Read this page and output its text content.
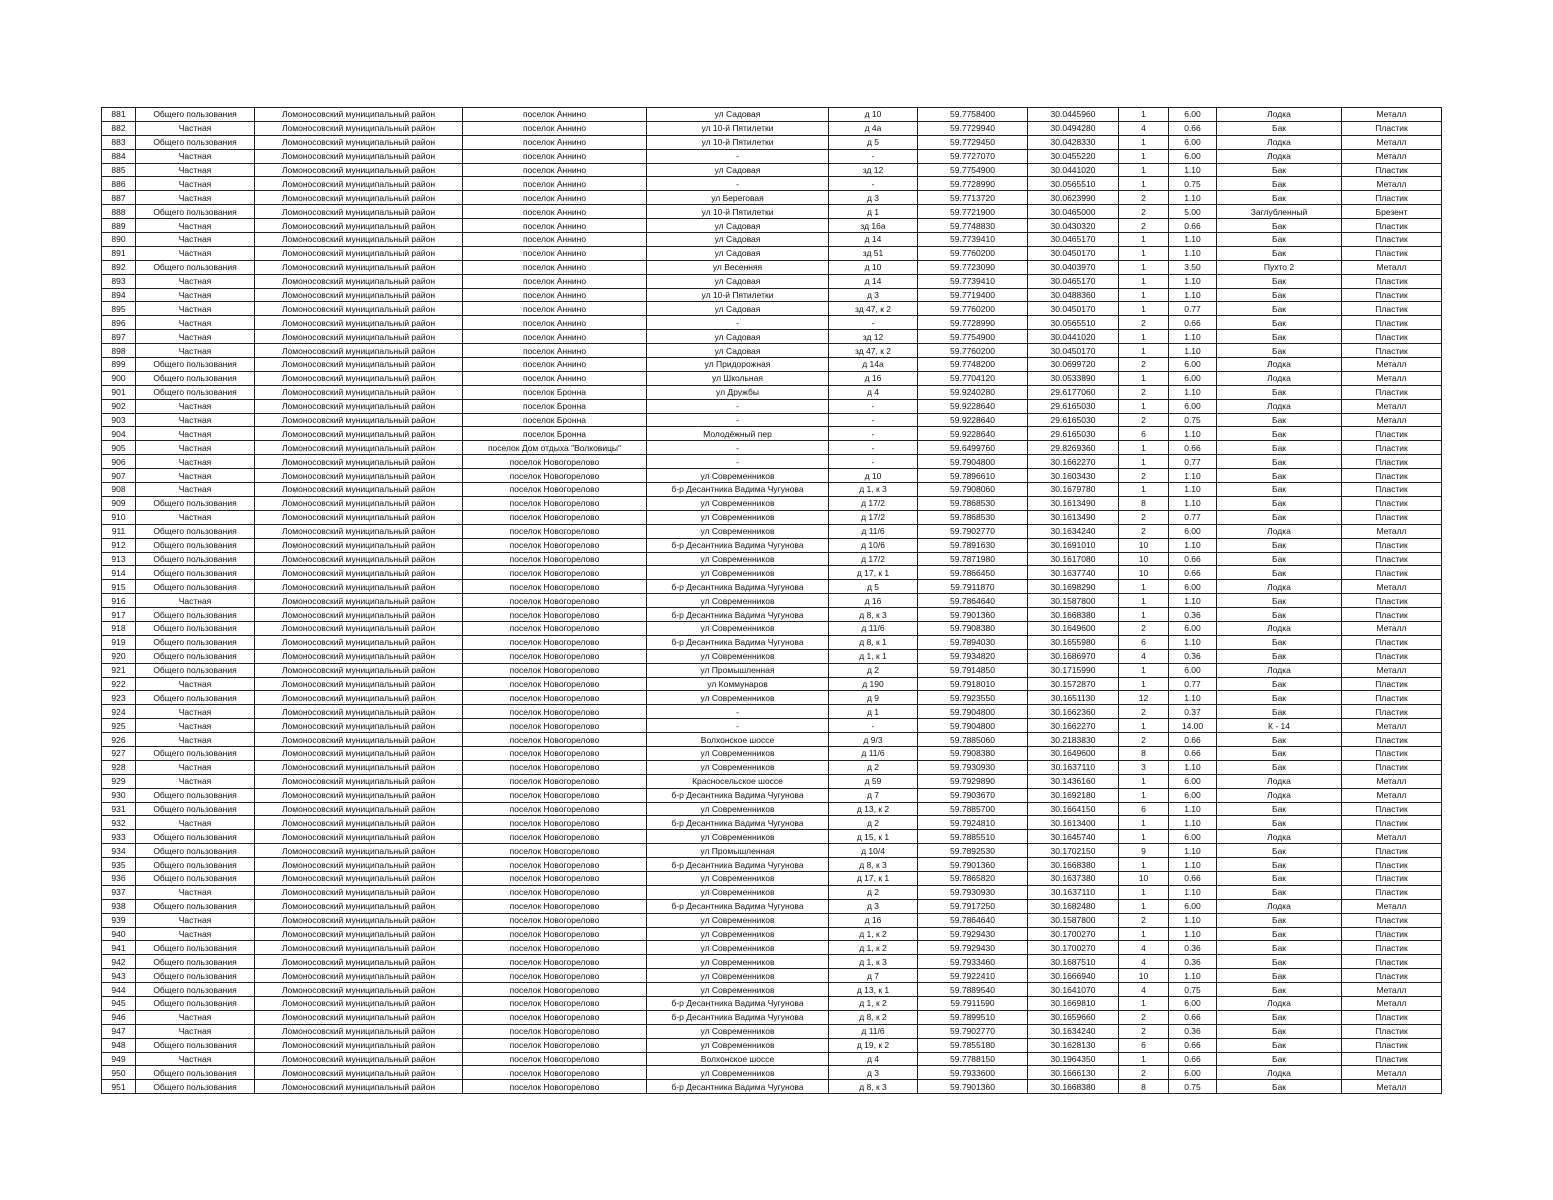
881	Общего пользования	Ломоносовский муниципальный район	поселок Аннино	ул Садовая	д 10	59.7758400	30.0445960	1	6.00	Лодка	Металл
882	Частная	Ломоносовский муниципальный район	поселок Аннино	ул 10-й Пятилетки	д 4а	59.7729940	30.0494280	4	0.66	Бак	Пластик
883	Общего пользования	Ломоносовский муниципальный район	поселок Аннино	ул 10-й Пятилетки	д 5	59.7729450	30.0428330	1	6.00	Лодка	Металл
884	Частная	Ломоносовский муниципальный район	поселок Аннино	-	-	59.7727070	30.0455220	1	6.00	Лодка	Металл
885	Частная	Ломоносовский муниципальный район	поселок Аннино	ул Садовая	зд 12	59.7754900	30.0441020	1	1.10	Бак	Пластик
886	Частная	Ломоносовский муниципальный район	поселок Аннино	-	-	59.7728990	30.0565510	1	0.75	Бак	Металл
887	Частная	Ломоносовский муниципальный район	поселок Аннино	ул Береговая	д 3	59.7713720	30.0623990	2	1.10	Бак	Пластик
888	Общего пользования	Ломоносовский муниципальный район	поселок Аннино	ул 10-й Пятилетки	д 1	59.7721900	30.0465000	2	5.00	Заглубленный	Брезент
889	Частная	Ломоносовский муниципальный район	поселок Аннино	ул Садовая	зд 16а	59.7748830	30.0430320	2	0.66	Бак	Пластик
890	Частная	Ломоносовский муниципальный район	поселок Аннино	ул Садовая	д 14	59.7739410	30.0465170	1	1.10	Бак	Пластик
891	Частная	Ломоносовский муниципальный район	поселок Аннино	ул Садовая	зд 51	59.7760200	30.0450170	1	1.10	Бак	Пластик
892	Общего пользования	Ломоносовский муниципальный район	поселок Аннино	ул Весенняя	д 10	59.7723090	30.0403970	1	3.50	Пухто 2	Металл
893	Частная	Ломоносовский муниципальный район	поселок Аннино	ул Садовая	д 14	59.7739410	30.0465170	1	1.10	Бак	Пластик
894	Частная	Ломоносовский муниципальный район	поселок Аннино	ул 10-й Пятилетки	д 3	59.7719400	30.0488360	1	1.10	Бак	Пластик
895	Частная	Ломоносовский муниципальный район	поселок Аннино	ул Садовая	зд 47, к 2	59.7760200	30.0450170	1	0.77	Бак	Пластик
896	Частная	Ломоносовский муниципальный район	поселок Аннино	-	-	59.7728990	30.0565510	2	0.66	Бак	Пластик
897	Частная	Ломоносовский муниципальный район	поселок Аннино	ул Садовая	зд 12	59.7754900	30.0441020	1	1.10	Бак	Пластик
898	Частная	Ломоносовский муниципальный район	поселок Аннино	ул Садовая	зд 47, к 2	59.7760200	30.0450170	1	1.10	Бак	Пластик
899	Общего пользования	Ломоносовский муниципальный район	поселок Аннино	ул Придорожная	д 14а	59.7748200	30.0699720	2	6.00	Лодка	Металл
900	Общего пользования	Ломоносовский муниципальный район	поселок Аннино	ул Школьная	д 16	59.7704120	30.0533890	1	6.00	Лодка	Металл
901	Общего пользования	Ломоносовский муниципальный район	поселок Бронна	ул Дружбы	д 4	59.9240280	29.6177060	2	1.10	Бак	Пластик
902	Частная	Ломоносовский муниципальный район	поселок Бронна	-	-	59.9228640	29.6165030	1	6.00	Лодка	Металл
903	Частная	Ломоносовский муниципальный район	поселок Бронна	-	-	59.9228640	29.6165030	2	0.75	Бак	Металл
904	Частная	Ломоносовский муниципальный район	поселок Бронна	Молодёжный пер	-	59.9228640	29.6165030	6	1.10	Бак	Пластик
905	Частная	Ломоносовский муниципальный район	поселок Дом отдыха "Волковицы"	-	-	59.6499760	29.8269360	1	0.66	Бак	Пластик
906	Частная	Ломоносовский муниципальный район	поселок Новогорелово	-	-	59.7904800	30.1662270	1	0.77	Бак	Пластик
907	Частная	Ломоносовский муниципальный район	поселок Новогорелово	ул Современников	д 10	59.7896610	30.1603430	2	1.10	Бак	Пластик
908	Частная	Ломоносовский муниципальный район	поселок Новогорелово	б-р Десантника Вадима Чугунова	д 1, к 3	59.7908060	30.1679780	1	1.10	Бак	Пластик
909	Общего пользования	Ломоносовский муниципальный район	поселок Новогорелово	ул Современников	д 17/2	59.7868530	30.1613490	8	1.10	Бак	Пластик
910	Частная	Ломоносовский муниципальный район	поселок Новогорелово	ул Современников	д 17/2	59.7868530	30.1613490	2	0.77	Бак	Пластик
911	Общего пользования	Ломоносовский муниципальный район	поселок Новогорелово	ул Современников	д 11/6	59.7902770	30.1634240	2	6.00	Лодка	Металл
912	Общего пользования	Ломоносовский муниципальный район	поселок Новогорелово	б-р Десантника Вадима Чугунова	д 10/6	59.7891630	30.1691010	10	1.10	Бак	Пластик
913	Общего пользования	Ломоносовский муниципальный район	поселок Новогорелово	ул Современников	д 17/2	59.7871980	30.1617080	10	0.66	Бак	Пластик
914	Общего пользования	Ломоносовский муниципальный район	поселок Новогорелово	ул Современников	д 17, к 1	59.7866450	30.1637740	10	0.66	Бак	Пластик
915	Общего пользования	Ломоносовский муниципальный район	поселок Новогорелово	б-р Десантника Вадима Чугунова	д 5	59.7911870	30.1698290	1	6.00	Лодка	Металл
916	Частная	Ломоносовский муниципальный район	поселок Новогорелово	ул Современников	д 16	59.7864640	30.1587800	1	1.10	Бак	Пластик
917	Общего пользования	Ломоносовский муниципальный район	поселок Новогорелово	б-р Десантника Вадима Чугунова	д 8, к 3	59.7901360	30.1668380	1	0.36	Бак	Пластик
918	Общего пользования	Ломоносовский муниципальный район	поселок Новогорелово	ул Современников	д 11/6	59.7908380	30.1649600	2	6.00	Лодка	Металл
919	Общего пользования	Ломоносовский муниципальный район	поселок Новогорелово	б-р Десантника Вадима Чугунова	д 8, к 1	59.7894030	30.1655980	6	1.10	Бак	Пластик
920	Общего пользования	Ломоносовский муниципальный район	поселок Новогорелово	ул Современников	д 1, к 1	59.7934820	30.1686970	4	0.36	Бак	Пластик
921	Общего пользования	Ломоносовский муниципальный район	поселок Новогорелово	ул Промышленная	д 2	59.7914850	30.1715990	1	6.00	Лодка	Металл
922	Частная	Ломоносовский муниципальный район	поселок Новогорелово	ул Коммунаров	д 190	59.7918010	30.1572870	1	0.77	Бак	Пластик
923	Общего пользования	Ломоносовский муниципальный район	поселок Новогорелово	ул Современников	д 9	59.7923550	30.1651130	12	1.10	Бак	Пластик
924	Частная	Ломоносовский муниципальный район	поселок Новогорелово	-	д 1	59.7904800	30.1662360	2	0.37	Бак	Пластик
925	Частная	Ломоносовский муниципальный район	поселок Новогорелово	-	-	59.7904800	30.1662270	1	14.00	К - 14	Металл
926	Частная	Ломоносовский муниципальный район	поселок Новогорелово	Волхонское шоссе	д 9/3	59.7885060	30.2183830	2	0.66	Бак	Пластик
927	Общего пользования	Ломоносовский муниципальный район	поселок Новогорелово	ул Современников	д 11/6	59.7908380	30.1649600	8	0.66	Бак	Пластик
928	Частная	Ломоносовский муниципальный район	поселок Новогорелово	ул Современников	д 2	59.7930930	30.1637110	3	1.10	Бак	Пластик
929	Частная	Ломоносовский муниципальный район	поселок Новогорелово	Красносельское шоссе	д 59	59.7929890	30.1436160	1	6.00	Лодка	Металл
930	Общего пользования	Ломоносовский муниципальный район	поселок Новогорелово	б-р Десантника Вадима Чугунова	д 7	59.7903670	30.1692180	1	6.00	Лодка	Металл
931	Общего пользования	Ломоносовский муниципальный район	поселок Новогорелово	ул Современников	д 13, к 2	59.7885700	30.1664150	6	1.10	Бак	Пластик
932	Частная	Ломоносовский муниципальный район	поселок Новогорелово	б-р Десантника Вадима Чугунова	д 2	59.7924810	30.1613400	1	1.10	Бак	Пластик
933	Общего пользования	Ломоносовский муниципальный район	поселок Новогорелово	ул Современников	д 15, к 1	59.7885510	30.1645740	1	6.00	Лодка	Металл
934	Общего пользования	Ломоносовский муниципальный район	поселок Новогорелово	ул Промышленная	д 10/4	59.7892530	30.1702150	9	1.10	Бак	Пластик
935	Общего пользования	Ломоносовский муниципальный район	поселок Новогорелово	б-р Десантника Вадима Чугунова	д 8, к 3	59.7901360	30.1668380	1	1.10	Бак	Пластик
936	Общего пользования	Ломоносовский муниципальный район	поселок Новогорелово	ул Современников	д 17, к 1	59.7865820	30.1637380	10	0.66	Бак	Пластик
937	Частная	Ломоносовский муниципальный район	поселок Новогорелово	ул Современников	д 2	59.7930930	30.1637110	1	1.10	Бак	Пластик
938	Общего пользования	Ломоносовский муниципальный район	поселок Новогорелово	б-р Десантника Вадима Чугунова	д 3	59.7917250	30.1682480	1	6.00	Лодка	Металл
939	Частная	Ломоносовский муниципальный район	поселок Новогорелово	ул Современников	д 16	59.7864640	30.1587800	2	1.10	Бак	Пластик
940	Частная	Ломоносовский муниципальный район	поселок Новогорелово	ул Современников	д 1, к 2	59.7929430	30.1700270	1	1.10	Бак	Пластик
941	Общего пользования	Ломоносовский муниципальный район	поселок Новогорелово	ул Современников	д 1, к 2	59.7929430	30.1700270	4	0.36	Бак	Пластик
942	Общего пользования	Ломоносовский муниципальный район	поселок Новогорелово	ул Современников	д 1, к 3	59.7933460	30.1687510	4	0.36	Бак	Пластик
943	Общего пользования	Ломоносовский муниципальный район	поселок Новогорелово	ул Современников	д 7	59.7922410	30.1666940	10	1.10	Бак	Пластик
944	Общего пользования	Ломоносовский муниципальный район	поселок Новогорелово	ул Современников	д 13, к 1	59.7889540	30.1641070	4	0.75	Бак	Металл
945	Общего пользования	Ломоносовский муниципальный район	поселок Новогорелово	б-р Десантника Вадима Чугунова	д 1, к 2	59.7911590	30.1669810	1	6.00	Лодка	Металл
946	Частная	Ломоносовский муниципальный район	поселок Новогорелово	б-р Десантника Вадима Чугунова	д 8, к 2	59.7899510	30.1659660	2	0.66	Бак	Пластик
947	Частная	Ломоносовский муниципальный район	поселок Новогорелово	ул Современников	д 11/6	59.7902770	30.1634240	2	0.36	Бак	Пластик
948	Общего пользования	Ломоносовский муниципальный район	поселок Новогорелово	ул Современников	д 19, к 2	59.7855180	30.1628130	6	0.66	Бак	Пластик
949	Частная	Ломоносовский муниципальный район	поселок Новогорелово	Волхонское шоссе	д 4	59.7788150	30.1964350	1	0.66	Бак	Пластик
950	Общего пользования	Ломоносовский муниципальный район	поселок Новогорелово	ул Современников	д 3	59.7933600	30.1666130	2	6.00	Лодка	Металл
951	Общего пользования	Ломоносовский муниципальный район	поселок Новогорелово	б-р Десантника Вадима Чугунова	д 8, к 3	59.7901360	30.1668380	8	0.75	Бак	Металл
